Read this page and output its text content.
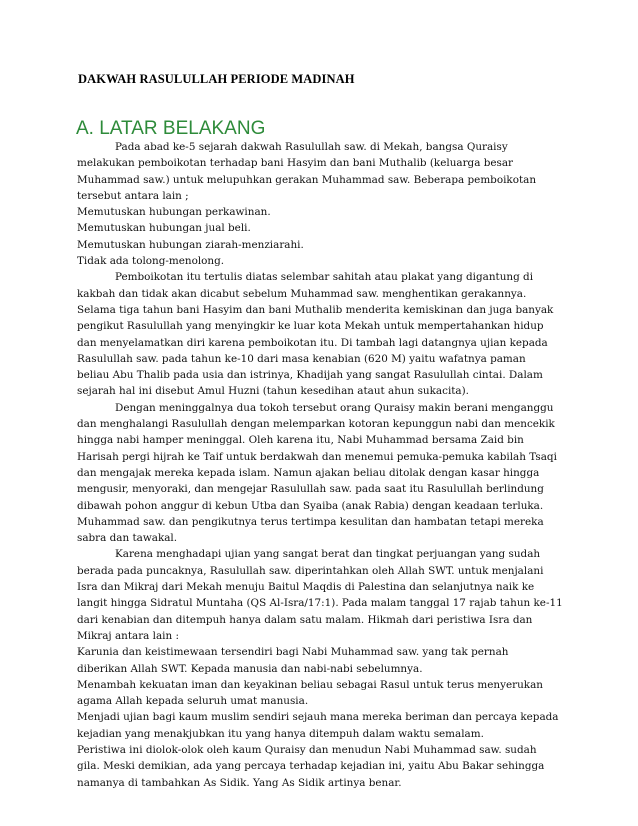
DAKWAH RASULULLAH PERIODE MADINAH
A. LATAR BELAKANG

Pada abad ke-5 sejarah dakwah Rasulullah saw. di Mekah, bangsa Quraisy
melakukan pemboikotan terhadap bani Hasyim dan bani Muthalib (keluarga besar
Muhammad saw.) untuk melupuhkan gerakan Muhammad saw. Beberapa pemboikotan
tersebut antara lain ;

Memutuskan hubungan perkawinan.

Memutuskan hubungan jual beli.

Memutuskan hubungan ziarah-menziarahi.

Tidak ada tolong-menolong.

Pemboikotan itu tertulis diatas selembar sahitah atau plakat yang digantung di
kakbah dan tidak akan dicabut sebelum Muhammad saw. menghentikan gerakannya.
Selama tiga tahun bani Hasyim dan bani Muthalib menderita kemiskinan dan juga banyak
pengikut Rasulullah yang menyingkir ke luar kota Mekah untuk mempertahankan hidup
dan menyelamatkan diri karena pemboikotan itu. Di tambah lagi datangnya ujian kepada
Rasulullah saw. pada tahun ke-10 dari masa kenabian (620 M) yaitu wafatnya paman
beliau Abu Thalib pada usia dan istrinya, Khadijah yang sangat Rasulullah cintai. Dalam
sejarah hal ini disebut Amul Huzni (tahun kesedihan ataut ahun sukacita).

Dengan meninggalnya dua tokoh tersebut orang Quraisy makin berani menganggu
dan menghalangi Rasulullah dengan melemparkan kotoran kepunggun nabi dan mencekik
hingga nabi hamper meninggal. Oleh karena itu, Nabi Muhammad bersama Zaid bin
Harisah pergi hijrah ke Taif untuk berdakwah dan menemui pemuka-pemuka kabilah Tsaqi
dan mengajak mereka kepada islam. Namun ajakan beliau ditolak dengan kasar hingga
mengusir, menyoraki, dan mengejar Rasulullah saw. pada saat itu Rasulullah berlindung
dibawah pohon anggur di kebun Utba dan Syaiba (anak Rabia) dengan keadaan terluka.
Muhammad saw. dan pengikutnya terus tertimpa kesulitan dan hambatan tetapi mereka
sabra dan tawakal.

Karena menghadapi ujian yang sangat berat dan tingkat perjuangan yang sudah
berada pada puncaknya, Rasulullah saw. diperintahkan oleh Allah SWT. untuk menjalani
Isra dan Mikraj dari Mekah menuju Baitul Maqdis di Palestina dan selanjutnya naik ke
langit hingga Sidratul Muntaha (QS Al-Isra/17:1). Pada malam tanggal 17 rajab tahun ke-11
dari kenabian dan ditempuh hanya dalam satu malam. Hikmah dari peristiwa Isra dan
Mikraj antara lain :

Karunia dan keistimewaan tersendiri bagi Nabi Muhammad saw. yang tak pernah
diberikan Allah SWT. Kepada manusia dan nabi-nabi sebelumnya.

Menambah kekuatan iman dan keyakinan beliau sebagai Rasul untuk terus menyerukan
agama Allah kepada seluruh umat manusia.

Menjadi ujian bagi kaum muslim sendiri sejauh mana mereka beriman dan percaya kepada
kejadian yang menakjubkan itu yang hanya ditempuh dalam waktu semalam.

Peristiwa ini diolok-olok oleh kaum Quraisy dan menudun Nabi Muhammad saw. sudah
gila. Meski demikian, ada yang percaya terhadap kejadian ini, yaitu Abu Bakar sehingga
namanya di tambahkan As Sidik. Yang As Sidik artinya benar.
